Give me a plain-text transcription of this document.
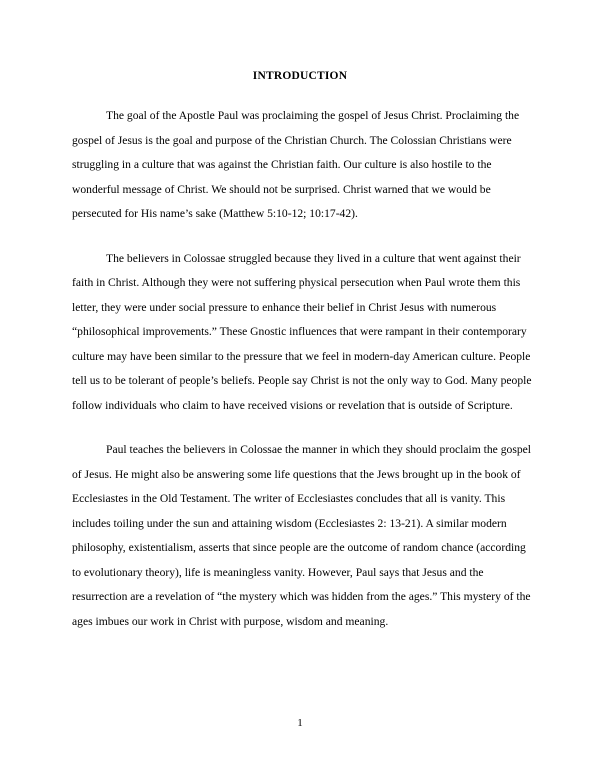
INTRODUCTION

The goal of the Apostle Paul was proclaiming the gospel of Jesus Christ. Proclaiming the gospel of Jesus is the goal and purpose of the Christian Church. The Colossian Christians were struggling in a culture that was against the Christian faith. Our culture is also hostile to the wonderful message of Christ. We should not be surprised. Christ warned that we would be persecuted for His name’s sake (Matthew 5:10-12; 10:17-42).

The believers in Colossae struggled because they lived in a culture that went against their faith in Christ. Although they were not suffering physical persecution when Paul wrote them this letter, they were under social pressure to enhance their belief in Christ Jesus with numerous “philosophical improvements.” These Gnostic influences that were rampant in their contemporary culture may have been similar to the pressure that we feel in modern-day American culture. People tell us to be tolerant of people’s beliefs. People say Christ is not the only way to God. Many people follow individuals who claim to have received visions or revelation that is outside of Scripture.

Paul teaches the believers in Colossae the manner in which they should proclaim the gospel of Jesus. He might also be answering some life questions that the Jews brought up in the book of Ecclesiastes in the Old Testament. The writer of Ecclesiastes concludes that all is vanity. This includes toiling under the sun and attaining wisdom (Ecclesiastes 2: 13-21). A similar modern philosophy, existentialism, asserts that since people are the outcome of random chance (according to evolutionary theory), life is meaningless vanity. However, Paul says that Jesus and the resurrection are a revelation of “the mystery which was hidden from the ages.” This mystery of the ages imbues our work in Christ with purpose, wisdom and meaning.

1
